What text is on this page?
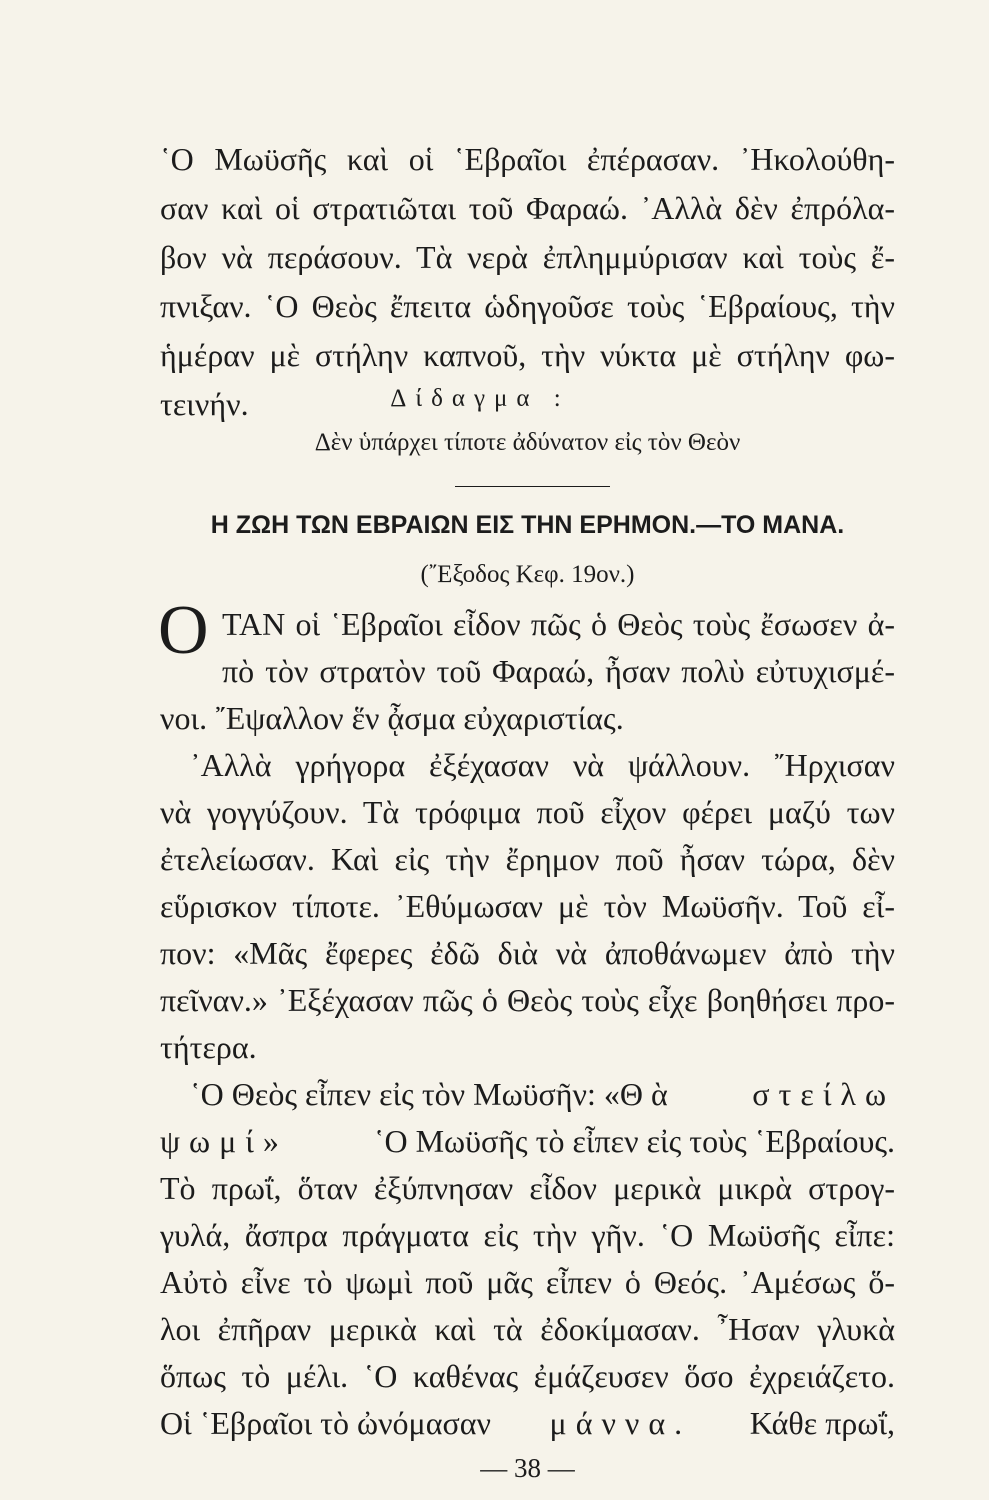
῾Ο Μωϋσῆς καὶ οἱ ῾Εβραῖοι ἐπέρασαν. ᾿Ηκολούθη-
σαν καὶ οἱ στρατιῶται τοῦ Φαραώ. ᾿Αλλὰ δὲν ἐπρόλα-
βον νὰ περάσουν. Τὰ νερὰ ἐπλημμύρισαν καὶ τοὺς ἔ-
πνιξαν. ῾Ο Θεὸς ἔπειτα ὡδηγοῦσε τοὺς ῾Εβραίους, τὴν
ἡμέραν μὲ στήλην καπνοῦ, τὴν νύκτα μὲ στήλην φω-
τεινήν.	Δίδαγμα :
Δὲν ὑπάρχει τίποτε ἀδύνατον εἰς τὸν Θεὸν
Η ΖΩΗ ΤΩΝ ΕΒΡΑΙΩΝ ΕΙΣ ΤΗΝ ΕΡΗΜΟΝ.—ΤΟ ΜΑΝΑ.
(῎Εξοδος Κεφ. 19ον.)
Ο ΤΑΝ οἱ ῾Εβραῖοι εἶδον πῶς ὁ Θεὸς τοὺς ἔσωσεν ἀ-
πὸ τὸν στρατὸν τοῦ Φαραώ, ἦσαν πολὺ εὐτυχισμέ-
νοι. ῎Εψαλλον ἕν ᾆσμα εὐχαριστίας.
᾿Αλλὰ γρήγορα ἐξέχασαν νὰ ψάλλουν. ῎Ηρχισαν
νὰ γογγύζουν. Τὰ τρόφιμα ποῦ εἶχον φέρει μαζύ των
ἐτελείωσαν. Καὶ εἰς τὴν ἔρημον ποῦ ἦσαν τώρα, δὲν
εὕρισκον τίποτε. ᾿Εθύμωσαν μὲ τὸν Μωϋσῆν. Τοῦ εἶ-
πον: «Μᾶς ἔφερες ἐδῶ διὰ νὰ ἀποθάνωμεν ἀπὸ τὴν
πεῖναν.» ᾿Εξέχασαν πῶς ὁ Θεὸς τοὺς εἶχε βοηθήσει προ-
τήτερα.
῾Ο Θεὸς εἶπεν εἰς τὸν Μωϋσῆν: «Θ ὰ	στείλω
ψωμί»	῾Ο Μωϋσῆς τὸ εἶπεν εἰς τοὺς ῾Εβραίους.
Τὸ πρωΐ, ὅταν ἐξύπνησαν εἶδον μερικὰ μικρὰ στρογ-
γυλά, ἄσπρα πράγματα εἰς τὴν γῆν. ῾Ο Μωϋσῆς εἶπε:
Αὐτὸ εἶνε τὸ ψωμὶ ποῦ μᾶς εἶπεν ὁ Θεός. ᾿Αμέσως ὅ-
λοι ἐπῆραν μερικὰ καὶ τὰ ἐδοκίμασαν. ῏Ησαν γλυκὰ
ὅπως τὸ μέλι. ῾Ο καθένας ἐμάζευσεν ὅσο ἐχρειάζετο.
Οἱ ῾Εβραῖοι τὸ ὠνόμασαν μάννα. Κάθε πρωΐ,
— 38 —
